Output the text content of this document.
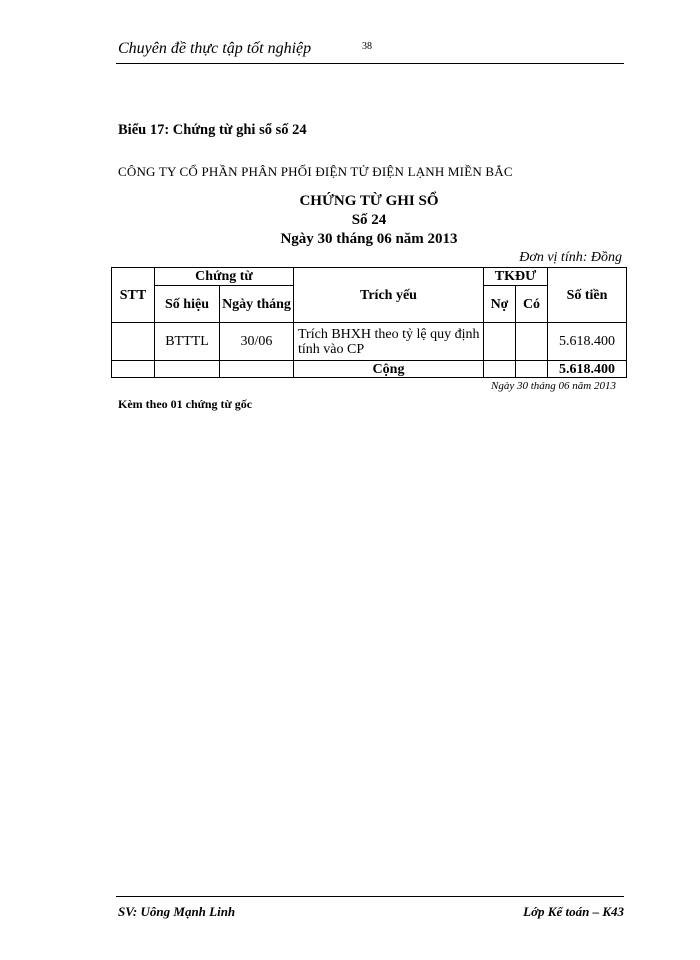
Chuyên đề thực tập tốt nghiệp	38
Biểu 17: Chứng từ ghi sổ số 24
CÔNG TY CỔ PHẦN PHÂN PHỐI ĐIỆN TỬ ĐIỆN LẠNH MIỀN BẮC
CHỨNG TỪ GHI SỔ
Số 24
Ngày 30 tháng 06 năm 2013
Đơn vị tính: Đồng
STT	Chứng từ		Trích yếu	TKĐƯ		Số tiền
	Số hiệu	Ngày tháng		Nợ	Có	
	BTTTL	30/06	Trích BHXH theo tỷ lệ quy định tính vào CP			5.618.400
			Cộng			5.618.400
Ngày 30 tháng 06 năm 2013
Kèm theo 01 chứng từ gốc
SV: Uông Mạnh Linh	Lớp Kế toán – K43
